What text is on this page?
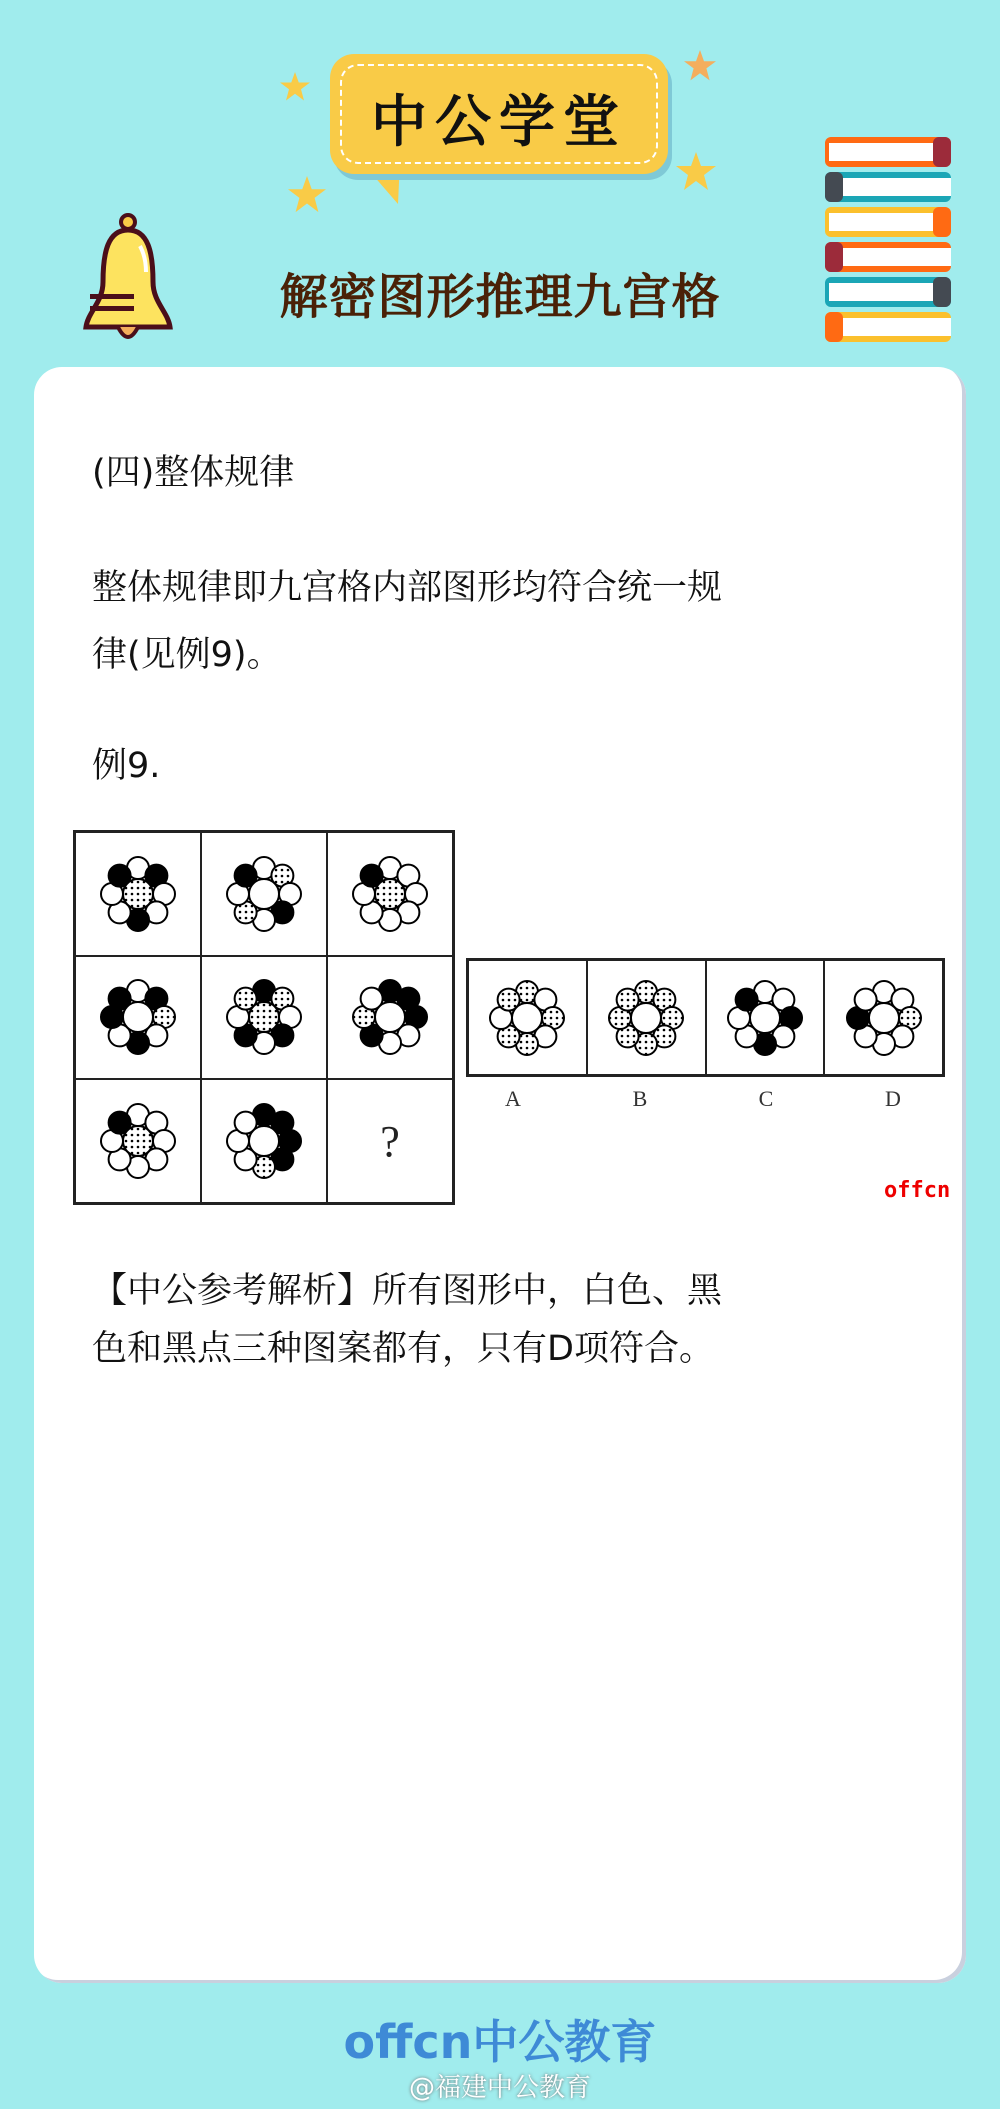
中公学堂
解密图形推理九宫格
(四)整体规律
整体规律即九宫格内部图形均符合统一规
律(见例9)。
例9.
?
A	B	C	D
offcn
【中公参考解析】所有图形中，白色、黑
色和黑点三种图案都有，只有D项符合。
offcn中公教育
@福建中公教育
